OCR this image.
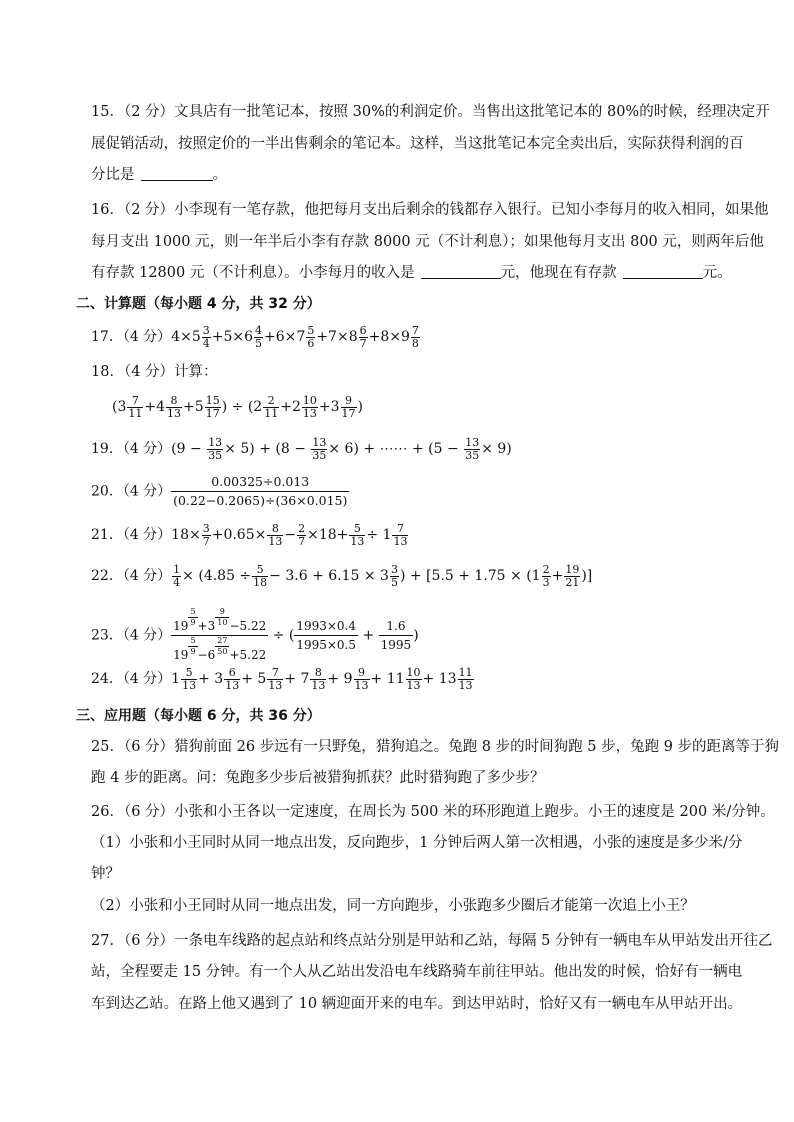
15．（2 分）文具店有一批笔记本，按照 30%的利润定价。当售出这批笔记本的 80%的时候，经理决定开
展促销活动，按照定价的一半出售剩余的笔记本。这样，当这批笔记本完全卖出后，实际获得利润的百
分比是	。
16．（2 分）小李现有一笔存款，他把每月支出后剩余的钱都存入银行。已知小李每月的收入相同，如果他
每月支出 1000 元，则一年半后小李有存款 8000 元（不计利息）；如果他每月支出 800 元，则两年后他
有存款 12800 元（不计利息）。小李每月的收入是	元，他现在有存款	元。
二、计算题（每小题 4 分，共 32 分）
17．（4 分）$4\times 5 \frac{3}{4} +5\times 6 \frac{4}{5} +6\times 7 \frac{5}{6} +7\times 8 \frac{6}{7} +8\times 9 \frac{7}{8}$
18．（4 分）计算：
($3 \frac{7}{11} +4 \frac{8}{13} +5 \frac{15}{17}$ ) ÷ ($2 \frac{2}{11} +2 \frac{10}{13} +3 \frac{9}{17}$ )
19．（4 分）$(9 - \frac{13}{35} \times 5) + (8 - \frac{13}{35} \times 6)$ + ⋯⋯ + $(5 - \frac{13}{35} \times 9)$
20．（4 分） $\frac{0.00325\div 0.013}{(0.22-0.2065)\div(36\times 0.015)}$
21．（4 分）$18\times \frac{3}{7} +0.65\times \frac{8}{13} - \frac{2}{7} \times 18+ \frac{5}{13} \div 1 \frac{7}{13}$
22．（4 分） $\frac{1}{4} \times (4.85 \div \frac{5}{18} - 3.6 + 6.15 \times 3 \frac{3}{5}$ ) + [$5.5 + 1.75 \times (1 \frac{2}{3} + \frac{19}{21}$ )]
23．（4 分） $\frac{19 \frac{5}{9} +3 \frac{9}{10} -5.22}{19 \frac{5}{9} -6 \frac{27}{50} +5.22}$ ÷ ( $\frac{1993\times 0.4}{1995\times 0.5} + \frac{1.6}{1995}$ )
24．（4 分）$1 \frac{5}{13} + 3 \frac{6}{13} + 5 \frac{7}{13} + 7 \frac{8}{13} + 9 \frac{9}{13} + 11 \frac{10}{13} + 13 \frac{11}{13}$
三、应用题（每小题 6 分，共 36 分）
25．（6 分）猎狗前面 26 步远有一只野兔，猎狗追之。兔跑 8 步的时间狗跑 5 步，兔跑 9 步的距离等于狗
跑 4 步的距离。问：兔跑多少步后被猎狗抓获？此时猎狗跑了多少步？
26．（6 分）小张和小王各以一定速度，在周长为 500 米的环形跑道上跑步。小王的速度是 200 米/分钟。
（1）小张和小王同时从同一地点出发，反向跑步，1 分钟后两人第一次相遇，小张的速度是多少米/分
钟？
（2）小张和小王同时从同一地点出发，同一方向跑步，小张跑多少圈后才能第一次追上小王？
27．（6 分）一条电车线路的起点站和终点站分别是甲站和乙站，每隔 5 分钟有一辆电车从甲站发出开往乙
站，全程要走 15 分钟。有一个人从乙站出发沿电车线路骑车前往甲站。他出发的时候，恰好有一辆电
车到达乙站。在路上他又遇到了 10 辆迎面开来的电车。到达甲站时，恰好又有一辆电车从甲站开出。
